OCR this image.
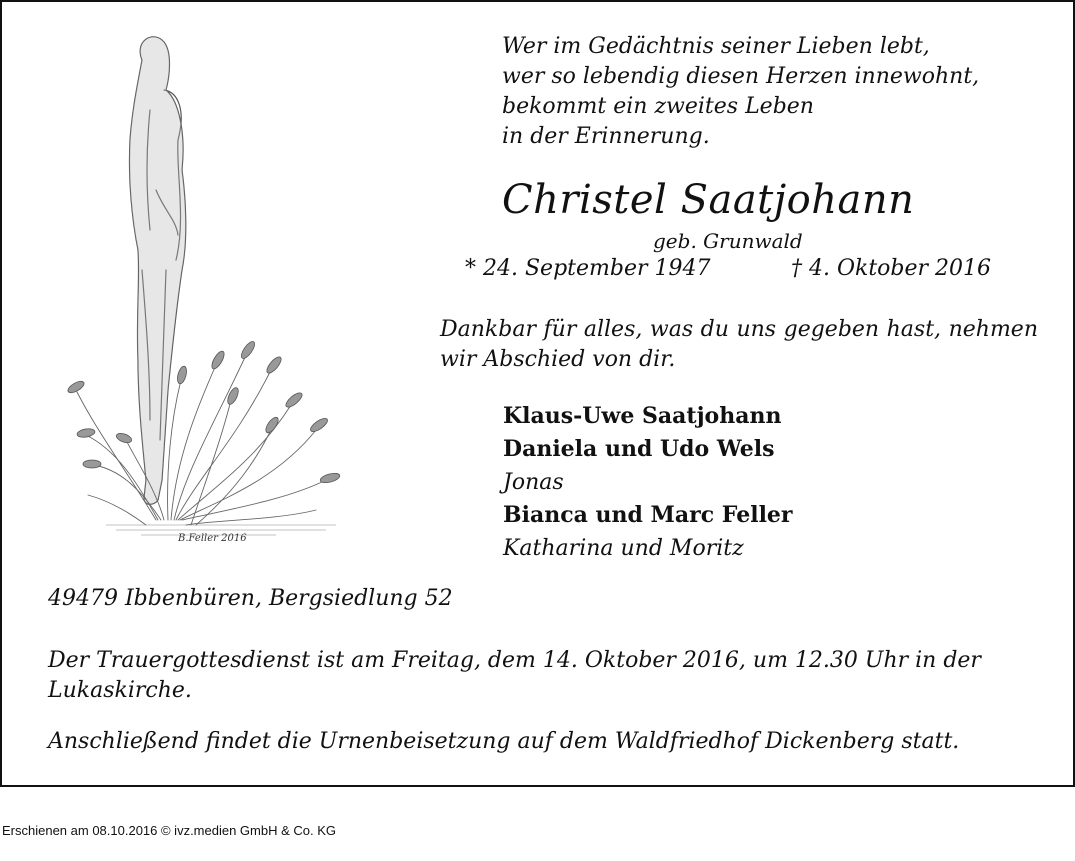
B.Feller 2016
Wer im Gedächtnis seiner Lieben lebt,
wer so lebendig diesen Herzen innewohnt,
bekommt ein zweites Leben
in der Erinnerung.
Christel Saatjohann
geb. Grunwald
* 24. September 1947	† 4. Oktober 2016
Dankbar für alles, was du uns gegeben hast, nehmen wir Abschied von dir.
Klaus-Uwe Saatjohann
Daniela und Udo Wels
Jonas
Bianca und Marc Feller
Katharina und Moritz
49479 Ibbenbüren, Bergsiedlung 52
Der Trauergottesdienst ist am Freitag, dem 14. Oktober 2016, um 12.30 Uhr in der Lukaskirche.
Anschließend findet die Urnenbeisetzung auf dem Waldfriedhof Dickenberg statt.
Erschienen am 08.10.2016 © ivz.medien GmbH & Co. KG
